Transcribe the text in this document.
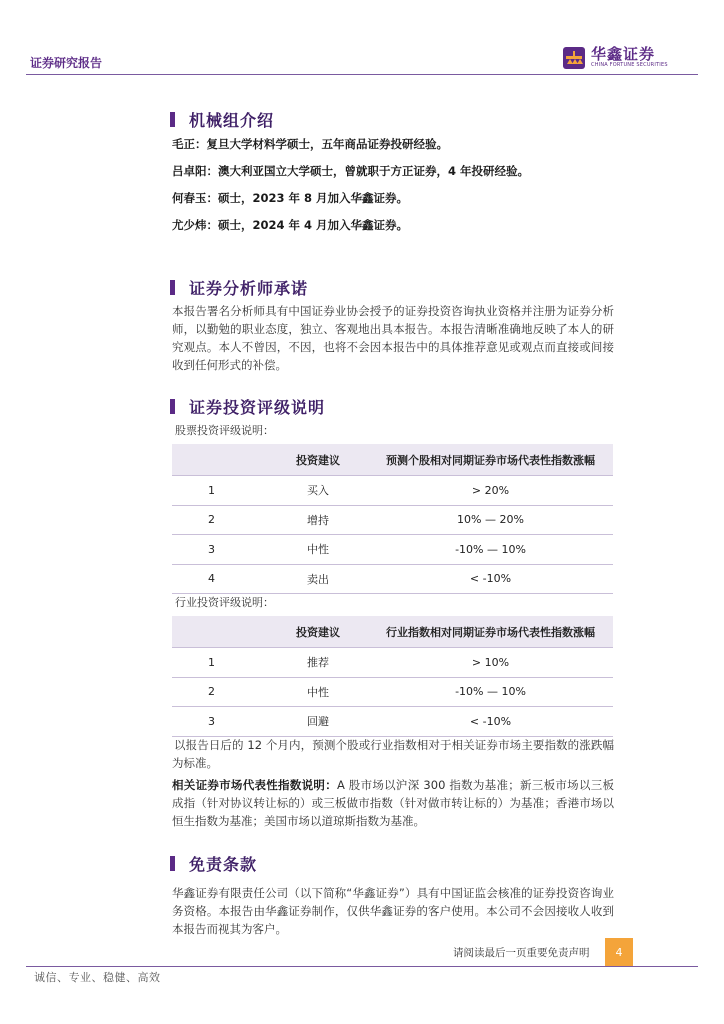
证券研究报告	华鑫证券
CHINA FORTUNE SECURITIES
机械组介绍
毛正：复旦大学材料学硕士，五年商品证券投研经验。
吕卓阳：澳大利亚国立大学硕士，曾就职于方正证券，4 年投研经验。
何春玉：硕士，2023 年 8 月加入华鑫证券。
尤少炜：硕士，2024 年 4 月加入华鑫证券。
证券分析师承诺
本报告署名分析师具有中国证券业协会授予的证券投资咨询执业资格并注册为证券分析师，以勤勉的职业态度，独立、客观地出具本报告。本报告清晰准确地反映了本人的研究观点。本人不曾因，不因，也将不会因本报告中的具体推荐意见或观点而直接或间接收到任何形式的补偿。
证券投资评级说明
股票投资评级说明：
	投资建议	预测个股相对同期证券市场代表性指数涨幅
1	买入	> 20%
2	增持	10% — 20%
3	中性	-10% — 10%
4	卖出	< -10%
行业投资评级说明：
	投资建议	行业指数相对同期证券市场代表性指数涨幅
1	推荐	> 10%
2	中性	-10% — 10%
3	回避	< -10%
以报告日后的 12 个月内，预测个股或行业指数相对于相关证券市场主要指数的涨跌幅为标准。
相关证券市场代表性指数说明：A 股市场以沪深 300 指数为基准；新三板市场以三板成指（针对协议转让标的）或三板做市指数（针对做市转让标的）为基准；香港市场以恒生指数为基准；美国市场以道琼斯指数为基准。
免责条款
华鑫证券有限责任公司（以下简称“华鑫证券”）具有中国证监会核准的证券投资咨询业务资格。本报告由华鑫证券制作，仅供华鑫证券的客户使用。本公司不会因接收人收到本报告而视其为客户。
请阅读最后一页重要免责声明	4
诚信、专业、稳健、高效
